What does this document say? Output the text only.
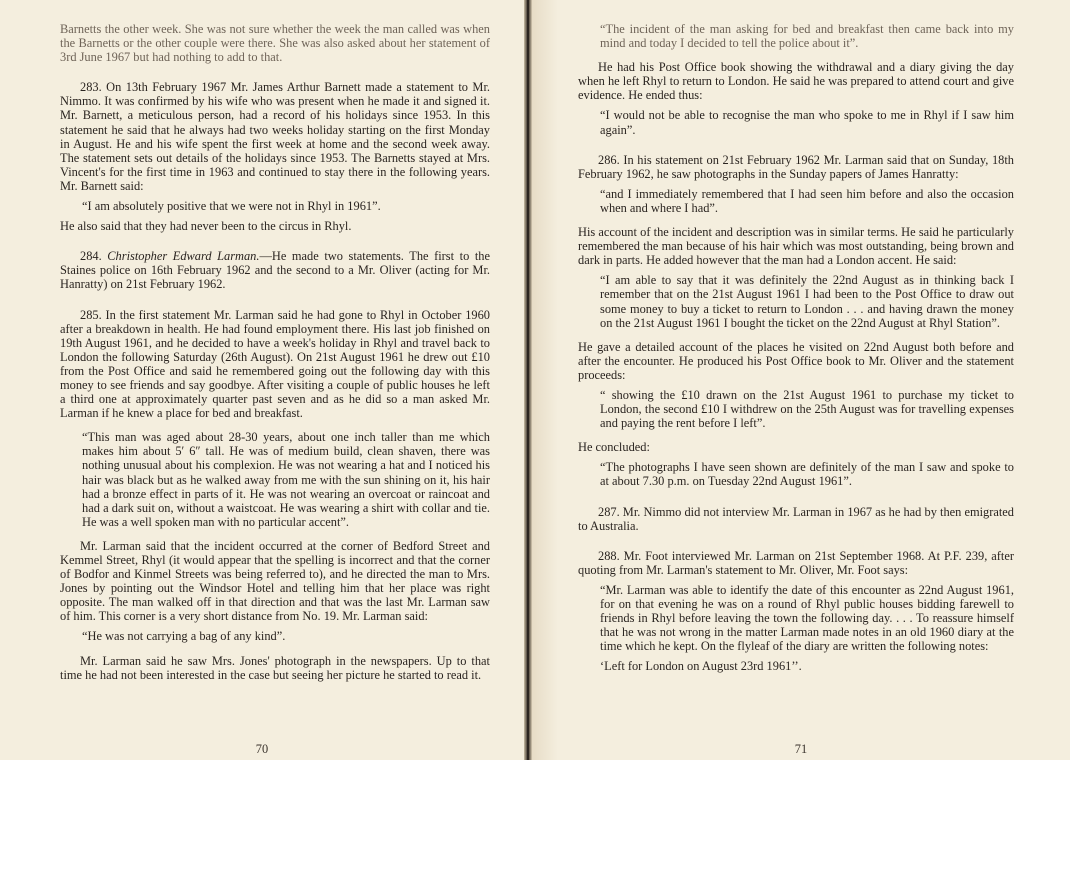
Barnetts the other week. She was not sure whether the week the man called was when the Barnetts or the other couple were there. She was also asked about her statement of 3rd June 1967 but had nothing to add to that.

283. On 13th February 1967 Mr. James Arthur Barnett made a statement to Mr. Nimmo. It was confirmed by his wife who was present when he made it and signed it. Mr. Barnett, a meticulous person, had a record of his holidays since 1953. In this statement he said that he always had two weeks holiday starting on the first Monday in August. He and his wife spent the first week at home and the second week away. The statement sets out details of the holidays since 1953. The Barnetts stayed at Mrs. Vincent's for the first time in 1963 and continued to stay there in the following years. Mr. Barnett said:

“I am absolutely positive that we were not in Rhyl in 1961”.

He also said that they had never been to the circus in Rhyl.

284. Christopher Edward Larman.—He made two statements. The first to the Staines police on 16th February 1962 and the second to a Mr. Oliver (acting for Mr. Hanratty) on 21st February 1962.

285. In the first statement Mr. Larman said he had gone to Rhyl in October 1960 after a breakdown in health. He had found employment there. His last job finished on 19th August 1961, and he decided to have a week's holiday in Rhyl and travel back to London the following Saturday (26th August). On 21st August 1961 he drew out £10 from the Post Office and said he remembered going out the following day with this money to see friends and say goodbye. After visiting a couple of public houses he left a third one at approximately quarter past seven and as he did so a man asked Mr. Larman if he knew a place for bed and breakfast.

“This man was aged about 28-30 years, about one inch taller than me which makes him about 5′ 6″ tall. He was of medium build, clean shaven, there was nothing unusual about his complexion. He was not wearing a hat and I noticed his hair was black but as he walked away from me with the sun shining on it, his hair had a bronze effect in parts of it. He was not wearing an overcoat or raincoat and had a dark suit on, without a waistcoat. He was wearing a shirt with collar and tie. He was a well spoken man with no particular accent”.

Mr. Larman said that the incident occurred at the corner of Bedford Street and Kemmel Street, Rhyl (it would appear that the spelling is incorrect and that the corner of Bodfor and Kinmel Streets was being referred to), and he directed the man to Mrs. Jones by pointing out the Windsor Hotel and telling him that her place was right opposite. The man walked off in that direction and that was the last Mr. Larman saw of him. This corner is a very short distance from No. 19. Mr. Larman said:

“He was not carrying a bag of any kind”.

Mr. Larman said he saw Mrs. Jones' photograph in the newspapers. Up to that time he had not been interested in the case but seeing her picture he started to read it.

70

“The incident of the man asking for bed and breakfast then came back into my mind and today I decided to tell the police about it”.

He had his Post Office book showing the withdrawal and a diary giving the day when he left Rhyl to return to London. He said he was prepared to attend court and give evidence. He ended thus:

“I would not be able to recognise the man who spoke to me in Rhyl if I saw him again”.

286. In his statement on 21st February 1962 Mr. Larman said that on Sunday, 18th February 1962, he saw photographs in the Sunday papers of James Hanratty:

“and I immediately remembered that I had seen him before and also the occasion when and where I had”.

His account of the incident and description was in similar terms. He said he particularly remembered the man because of his hair which was most outstanding, being brown and dark in parts. He added however that the man had a London accent. He said:

“I am able to say that it was definitely the 22nd August as in thinking back I remember that on the 21st August 1961 I had been to the Post Office to draw out some money to buy a ticket to return to London . . . and having drawn the money on the 21st August 1961 I bought the ticket on the 22nd August at Rhyl Station”.

He gave a detailed account of the places he visited on 22nd August both before and after the encounter. He produced his Post Office book to Mr. Oliver and the statement proceeds:

“ showing the £10 drawn on the 21st August 1961 to purchase my ticket to London, the second £10 I withdrew on the 25th August was for travelling expenses and paying the rent before I left”.

He concluded:

“The photographs I have seen shown are definitely of the man I saw and spoke to at about 7.30 p.m. on Tuesday 22nd August 1961”.

287. Mr. Nimmo did not interview Mr. Larman in 1967 as he had by then emigrated to Australia.

288. Mr. Foot interviewed Mr. Larman on 21st September 1968. At P.F. 239, after quoting from Mr. Larman's statement to Mr. Oliver, Mr. Foot says:

“Mr. Larman was able to identify the date of this encounter as 22nd August 1961, for on that evening he was on a round of Rhyl public houses bidding farewell to friends in Rhyl before leaving the town the following day. . . . To reassure himself that he was not wrong in the matter Larman made notes in an old 1960 diary at the time which he kept. On the flyleaf of the diary are written the following notes:

‘Left for London on August 23rd 1961’’.

71
